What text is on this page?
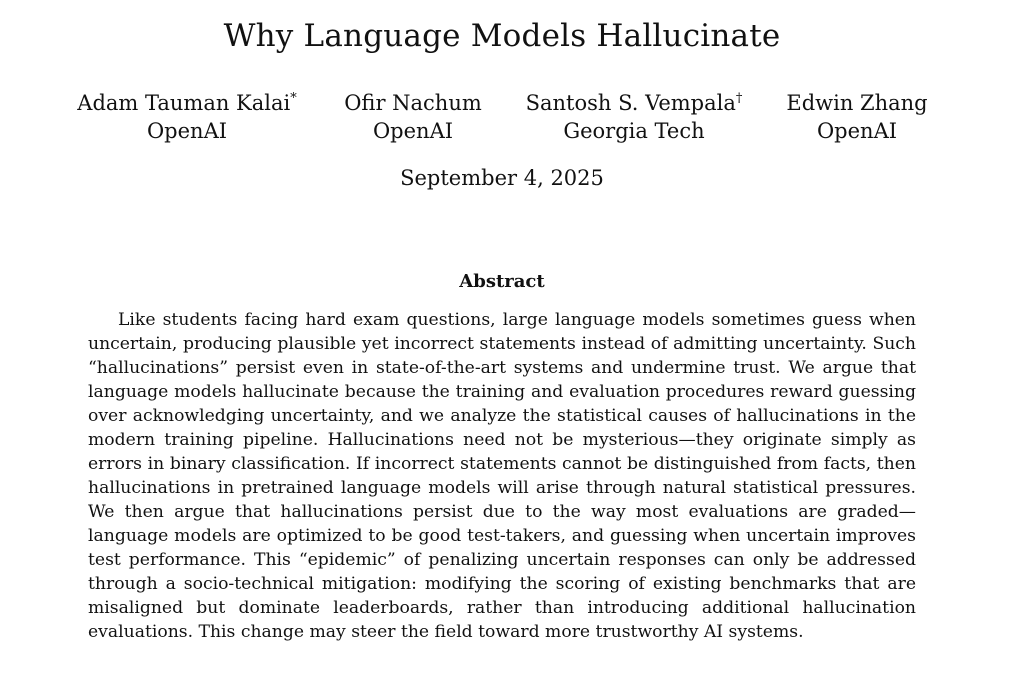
Why Language Models Hallucinate
Adam Tauman Kalai*
OpenAI
Ofir Nachum
OpenAI
Santosh S. Vempala†
Georgia Tech
Edwin Zhang
OpenAI
September 4, 2025
Abstract

Like students facing hard exam questions, large language models sometimes guess when uncertain, producing plausible yet incorrect statements instead of admitting uncertainty. Such “hallucinations” persist even in state-of-the-art systems and undermine trust. We argue that language models hallucinate because the training and evaluation procedures reward guessing over acknowledging uncertainty, and we analyze the statistical causes of hallucinations in the modern training pipeline. Hallucinations need not be mysterious—they originate simply as errors in binary classification. If incorrect statements cannot be distinguished from facts, then hallucinations in pretrained language models will arise through natural statistical pressures. We then argue that hallucinations persist due to the way most evaluations are graded—language models are optimized to be good test-takers, and guessing when uncertain improves test performance. This “epidemic” of penalizing uncertain responses can only be addressed through a socio-technical mitigation: modifying the scoring of existing benchmarks that are misaligned but dominate leaderboards, rather than introducing additional hallucination evaluations. This change may steer the field toward more trustworthy AI systems.
